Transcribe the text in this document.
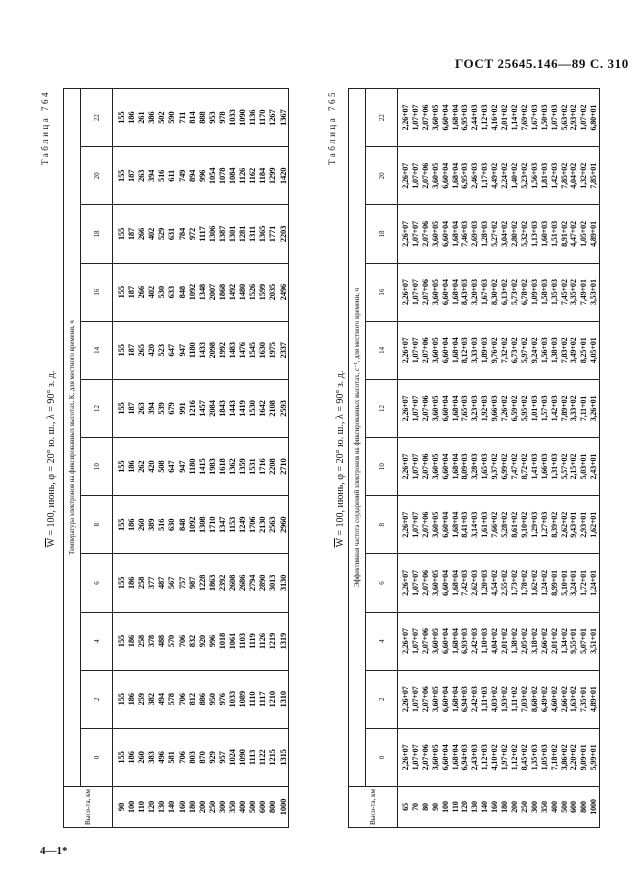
ГОСТ 25645.146—89 С. 310
Таблица 764
$\overline{W} = 100$, июнь, φ = 20° ю. ш., λ = 90° з. д.
Высо-та, км	Температура электронов на фиксированных высотах, К, для местного времени, ч											
	0	2	4	6	8	10	12	14	16	18	20	22
90	155	155	155	155	155	155	155	155	155	155	155	155
100	186	186	186	186	186	186	187	187	187	187	187	186
110	260	259	258	258	260	262	263	265	266	266	263	261
120	383	382	378	377	389	420	394	420	402	402	394	386
130	496	494	488	487	516	508	539	523	530	529	516	502
140	581	578	570	567	630	647	679	647	633	631	611	590
160	706	706	706	757	848	947	991	947	848	784	749	711
180	803	812	832	987	1092	1180	1216	1180	1092	972	894	814
200	870	886	920	1228	1308	1415	1457	1433	1348	1117	996	888
250	929	950	996	1863	1710	1983	2084	2098	2007	1306	1054	953
300	957	976	1018	2392	1347	1618	1843	1992	1868	1387	1078	978
350	1024	1033	1061	2608	1153	1362	1443	1483	1492	1301	1084	1033
400	1090	1089	1103	2686	1249	1359	1419	1476	1480	1281	1126	1090
500	1113	1110	1119	2794	1706	1531	1530	1545	1526	1311	1162	1136
600	1122	1117	1126	2890	2130	1716	1642	1630	1599	1365	1184	1170
800	1215	1210	1219	3013	2563	2208	2108	1975	2035	1771	1299	1267
1000	1315	1310	1319	3130	2960	2710	2593	2337	2496	2203	1420	1367	Таблица 765
$\overline{W} = 100$, июнь, φ = 20° ю. ш., λ = 90° з. д.
Высо-та, км	Эффективная частота соударений электронов на фиксированных высотах, с⁻¹, для местного времени, ч											
	0	2	4	6	8	10	12	14	16	18	20	22
65	2,26+07	2,26+07	2,26+07	2,26+07	2,26+07	2,26+07	2,26+07	2,26+07	2,26+07	2,26+07	2,26+07	2,26+07
70	1,07+07	1,07+07	1,07+07	1,07+07	1,07+07	1,07+07	1,07+07	1,07+07	1,07+07	1,07+07	1,07+07	1,07+07
80	2,07+06	2,07+06	2,07+06	2,07+06	2,07+06	2,07+06	2,07+06	2,07+06	2,07+06	2,07+06	2,07+06	2,07+06
90	3,60+05	3,60+05	3,60+05	3,60+05	3,60+05	3,60+05	3,60+05	3,60+05	3,60+05	3,60+05	3,60+05	3,60+05
100	6,60+04	6,60+04	6,60+04	6,60+04	6,60+04	6,60+04	6,60+04	6,60+04	6,60+04	6,60+04	6,60+04	6,60+04
110	1,68+04	1,68+04	1,68+04	1,68+04	1,68+04	1,68+04	1,68+04	1,68+04	1,68+04	1,68+04	1,68+04	1,68+04
120	6,94+03	6,94+03	6,93+03	7,42+03	8,41+03	8,09+03	7,65+03	8,12+03	8,43+03	7,46+03	6,95+03	6,95+03
130	2,43+03	2,42+03	2,42+03	2,62+03	3,14+03	3,28+03	3,23+03	3,33+03	3,20+03	2,69+03	2,46+03	2,44+03
140	1,12+03	1,11+03	1,10+03	1,20+03	1,61+03	1,65+03	1,92+03	1,89+03	1,67+03	1,28+03	1,17+03	1,12+03
160	4,10+02	4,03+02	4,04+02	4,54+02	7,66+02	9,37+02	9,66+03	9,76+02	8,30+02	5,27+02	4,49+02	4,16+02
180	1,97+02	1,93+02	2,01+02	2,55+02	5,28+02	6,99+02	7,26+02	7,32+02	6,13+02	3,04+02	2,24+02	2,01+02
200	1,12+02	1,11+02	1,38+02	1,73+02	8,61+02	7,47+02	6,59+02	6,73+02	5,73+02	2,80+02	1,40+02	1,14+02
250	8,45+02	7,03+02	2,05+02	1,78+02	9,10+02	8,72+02	5,95+02	5,97+02	6,78+02	5,32+02	5,23+02	7,69+02
300	1,35+03	8,68+02	3,18+02	1,62+02	1,29+03	1,41+03	1,01+03	9,24+02	1,09+03	1,13+03	1,56+03	1,67+03
350	1,05+03	6,49+02	2,66+02	1,24+02	1,27+03	1,66+03	1,57+03	1,56+03	1,58+03	1,60+03	1,81+03	1,50+03
400	7,18+02	4,60+02	2,01+02	8,99+01	8,39+02	1,31+03	1,42+03	1,38+03	1,35+03	1,51+03	1,42+03	1,07+03
500	3,86+02	2,66+02	1,34+02	5,10+01	2,62+02	5,57+02	7,89+02	7,83+02	7,45+02	8,91+02	7,85+02	5,63+02
600	2,20+02	1,63+02	9,55+01	3,24+01	9,43+01	2,15+02	3,33+02	3,49+02	3,35+02	4,47+02	4,04+02	2,93+02
800	9,09+01	7,35+01	5,07+01	1,72+01	2,93+01	5,03+01	7,11+01	8,25+01	7,49+01	1,05+02	1,32+02	1,07+02
1000	5,99+01	4,89+01	3,51+01	1,24+01	1,62+01	2,43+01	3,26+01	4,05+01	3,53+01	4,89+01	7,85+01	6,80+01
4—1*
